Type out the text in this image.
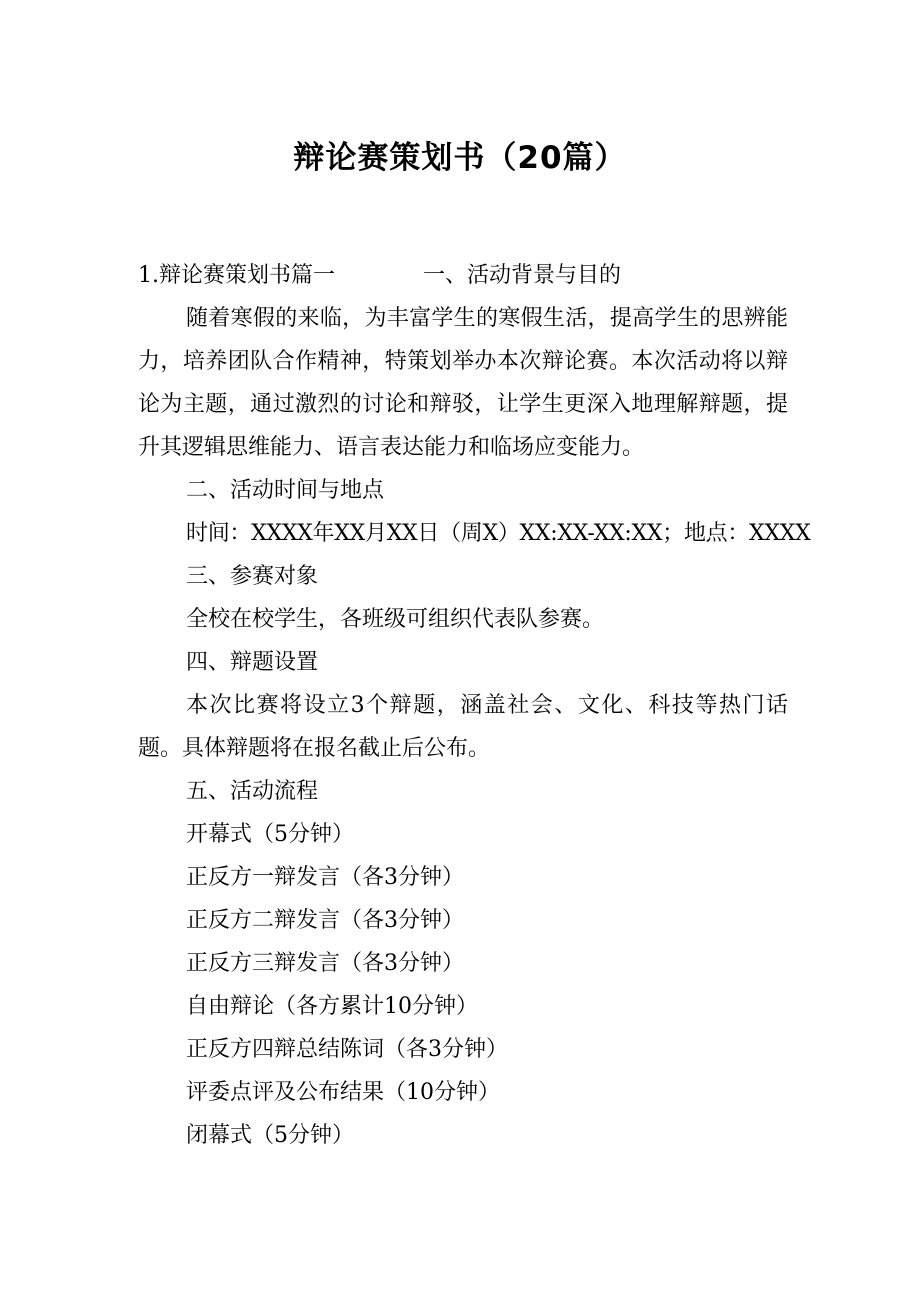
辩论赛策划书（20篇）

1.辩论赛策划书篇一	一、活动背景与目的

随着寒假的来临，为丰富学生的寒假生活，提高学生的思辨能力，培养团队合作精神，特策划举办本次辩论赛。本次活动将以辩论为主题，通过激烈的讨论和辩驳，让学生更深入地理解辩题，提升其逻辑思维能力、语言表达能力和临场应变能力。

二、活动时间与地点

时间：XXXX年XX月XX日（周X）XX:XX-XX:XX；地点：XXXX

三、参赛对象

全校在校学生，各班级可组织代表队参赛。

四、辩题设置

本次比赛将设立3个辩题，涵盖社会、文化、科技等热门话题。具体辩题将在报名截止后公布。

五、活动流程

开幕式（5分钟）

正反方一辩发言（各3分钟）

正反方二辩发言（各3分钟）

正反方三辩发言（各3分钟）

自由辩论（各方累计10分钟）

正反方四辩总结陈词（各3分钟）

评委点评及公布结果（10分钟）

闭幕式（5分钟）
